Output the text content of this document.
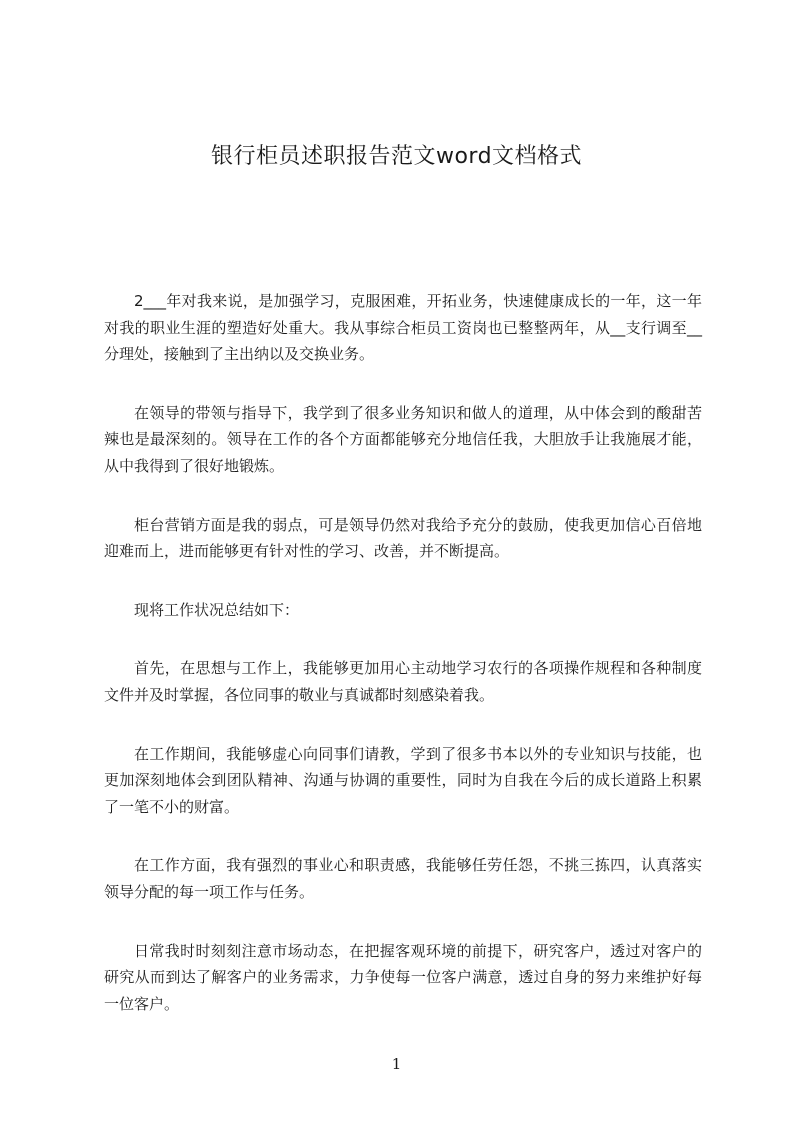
银行柜员述职报告范文word文档格式

2___年对我来说，是加强学习，克服困难，开拓业务，快速健康成长的一年，这一年对我的职业生涯的塑造好处重大。我从事综合柜员工资岗也已整整两年，从__支行调至__分理处，接触到了主出纳以及交换业务。

在领导的带领与指导下，我学到了很多业务知识和做人的道理，从中体会到的酸甜苦辣也是最深刻的。领导在工作的各个方面都能够充分地信任我，大胆放手让我施展才能，从中我得到了很好地锻炼。

柜台营销方面是我的弱点，可是领导仍然对我给予充分的鼓励，使我更加信心百倍地迎难而上，进而能够更有针对性的学习、改善，并不断提高。

现将工作状况总结如下：

首先，在思想与工作上，我能够更加用心主动地学习农行的各项操作规程和各种制度文件并及时掌握，各位同事的敬业与真诚都时刻感染着我。

在工作期间，我能够虚心向同事们请教，学到了很多书本以外的专业知识与技能，也更加深刻地体会到团队精神、沟通与协调的重要性，同时为自我在今后的成长道路上积累了一笔不小的财富。

在工作方面，我有强烈的事业心和职责感，我能够任劳任怨，不挑三拣四，认真落实领导分配的每一项工作与任务。

日常我时时刻刻注意市场动态，在把握客观环境的前提下，研究客户，透过对客户的研究从而到达了解客户的业务需求，力争使每一位客户满意，透过自身的努力来维护好每一位客户。

1
